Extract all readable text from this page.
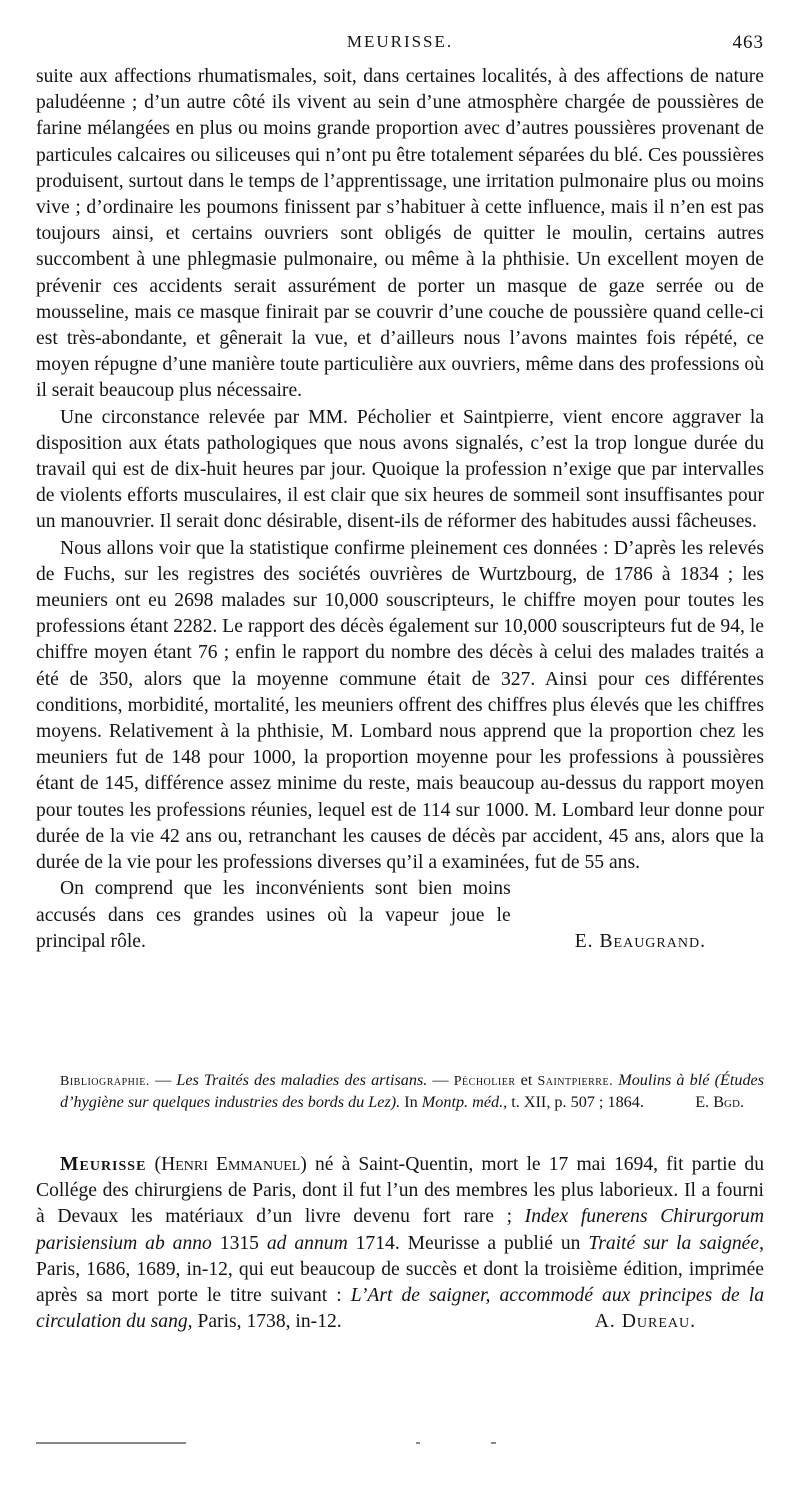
MEURISSE.	463

suite aux affections rhumatismales, soit, dans certaines localités, à des affections de nature paludéenne ; d’un autre côté ils vivent au sein d’une atmosphère chargée de poussières de farine mélangées en plus ou moins grande proportion avec d’autres poussières provenant de particules calcaires ou siliceuses qui n’ont pu être totalement séparées du blé. Ces poussières produisent, surtout dans le temps de l’apprentissage, une irritation pulmonaire plus ou moins vive ; d’ordinaire les poumons finissent par s’habituer à cette influence, mais il n’en est pas toujours ainsi, et certains ouvriers sont obligés de quitter le moulin, certains autres succombent à une phlegmasie pulmonaire, ou même à la phthisie. Un excellent moyen de prévenir ces accidents serait assurément de porter un masque de gaze serrée ou de mousseline, mais ce masque finirait par se couvrir d’une couche de poussière quand celle-ci est très-abondante, et gênerait la vue, et d’ailleurs nous l’avons maintes fois répété, ce moyen répugne d’une manière toute particulière aux ouvriers, même dans des professions où il serait beaucoup plus nécessaire.

Une circonstance relevée par MM. Pécholier et Saintpierre, vient encore aggraver la disposition aux états pathologiques que nous avons signalés, c’est la trop longue durée du travail qui est de dix-huit heures par jour. Quoique la profession n’exige que par intervalles de violents efforts musculaires, il est clair que six heures de sommeil sont insuffisantes pour un manouvrier. Il serait donc désirable, disent-ils de réformer des habitudes aussi fâcheuses.

Nous allons voir que la statistique confirme pleinement ces données : D’après les relevés de Fuchs, sur les registres des sociétés ouvrières de Wurtzbourg, de 1786 à 1834 ; les meuniers ont eu 2698 malades sur 10,000 souscripteurs, le chiffre moyen pour toutes les professions étant 2282. Le rapport des décès également sur 10,000 souscripteurs fut de 94, le chiffre moyen étant 76 ; enfin le rapport du nombre des décès à celui des malades traités a été de 350, alors que la moyenne commune était de 327. Ainsi pour ces différentes conditions, morbidité, mortalité, les meuniers offrent des chiffres plus élevés que les chiffres moyens. Relativement à la phthisie, M. Lombard nous apprend que la proportion chez les meuniers fut de 148 pour 1000, la proportion moyenne pour les professions à poussières étant de 145, différence assez minime du reste, mais beaucoup au-dessus du rapport moyen pour toutes les professions réunies, lequel est de 114 sur 1000. M. Lombard leur donne pour durée de la vie 42 ans ou, retranchant les causes de décès par accident, 45 ans, alors que la durée de la vie pour les professions diverses qu’il a examinées, fut de 55 ans.

On comprend que les inconvénients sont bien moins accusés dans ces grandes usines où la vapeur joue le principal rôle.	E. Beaugrand.

Bibliographie. — Les Traités des maladies des artisans. — Pécholier et Saintpierre. Moulins à blé (Études d’hygiène sur quelques industries des bords du Lez). In Montp. méd., t. XII, p. 507 ; 1864.	E. Bgd.

Meurisse (Henri Emmanuel) né à Saint-Quentin, mort le 17 mai 1694, fit partie du Collége des chirurgiens de Paris, dont il fut l’un des membres les plus laborieux. Il a fourni à Devaux les matériaux d’un livre devenu fort rare ; Index funerens Chirurgorum parisiensium ab anno 1315 ad annum 1714. Meurisse a publié un Traité sur la saignée, Paris, 1686, 1689, in-12, qui eut beaucoup de succès et dont la troisième édition, imprimée après sa mort porte le titre suivant : L’Art de saigner, accommodé aux principes de la circulation du sang, Paris, 1738, in-12.	A. Dureau.
